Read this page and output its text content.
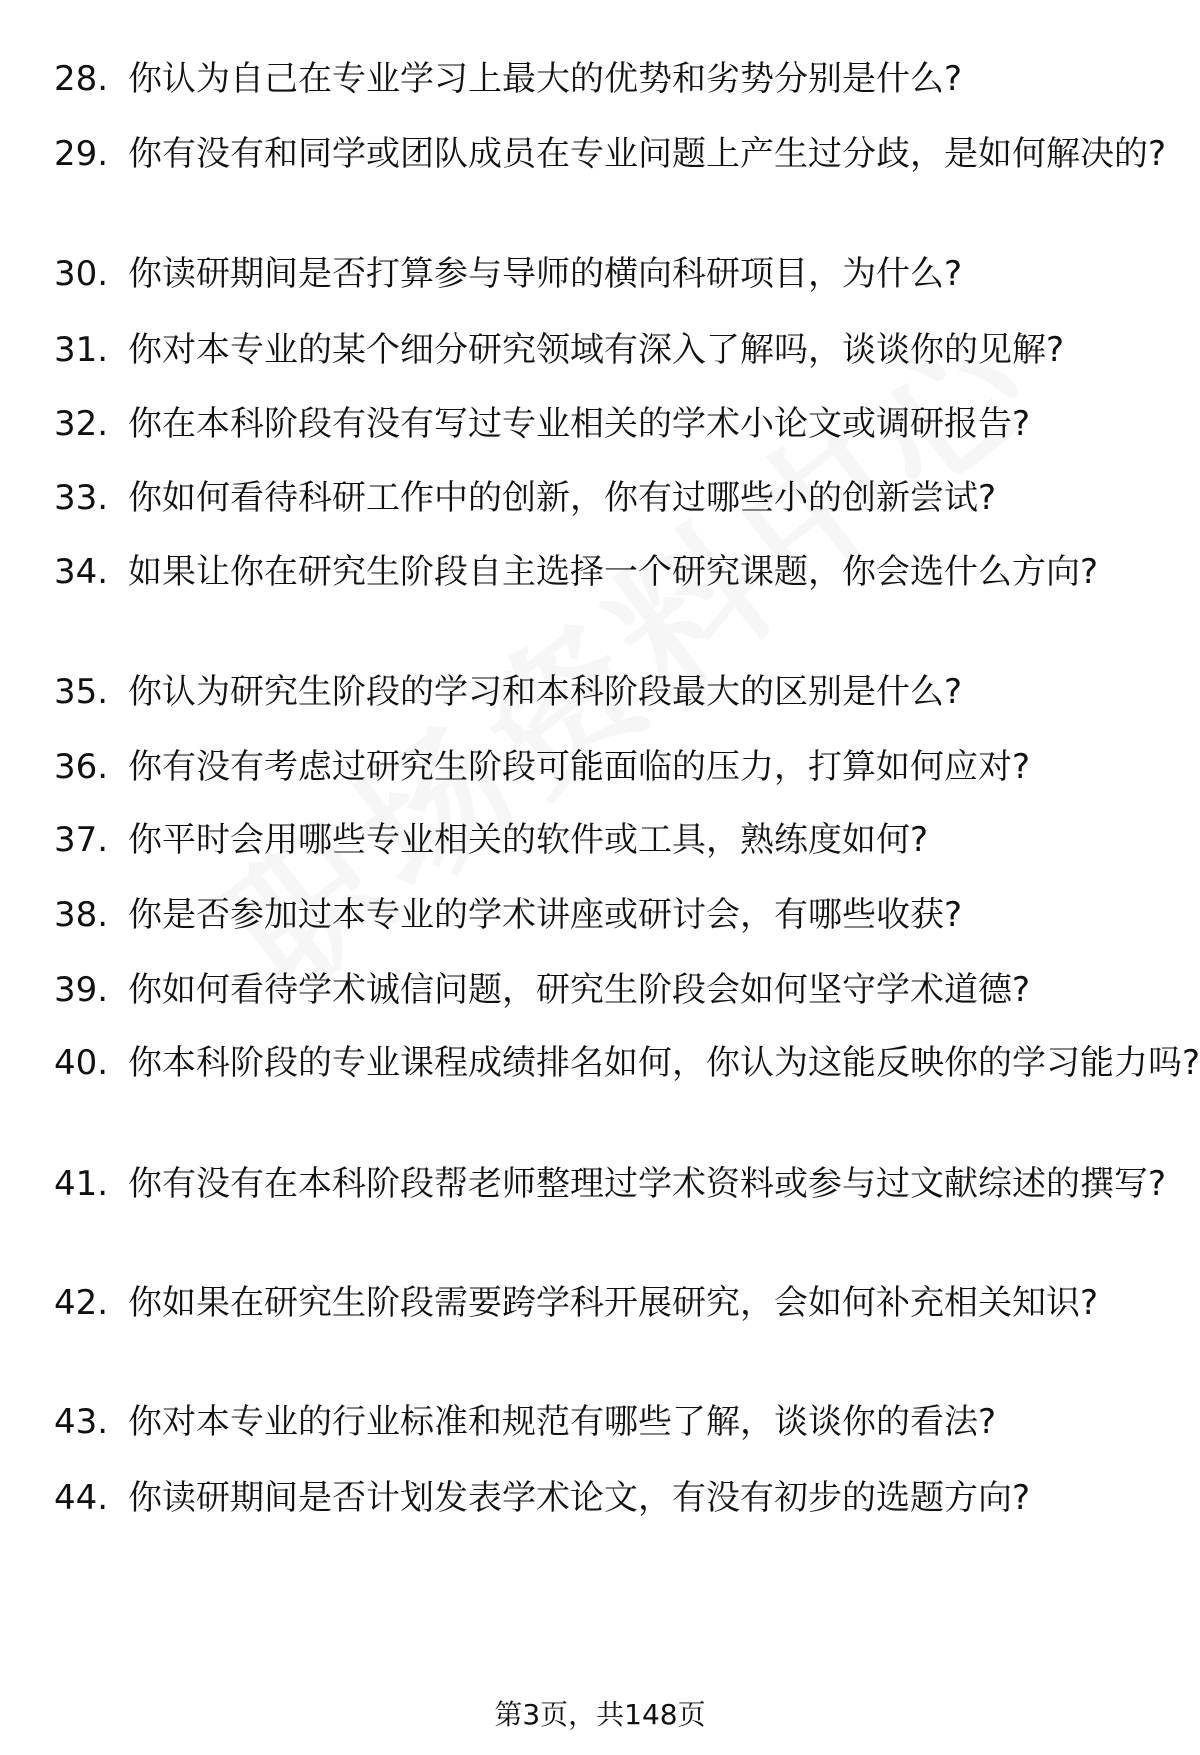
28. 你认为自己在专业学习上最大的优势和劣势分别是什么?
29. 你有没有和同学或团队成员在专业问题上产生过分歧，是如何解决的?
30. 你读研期间是否打算参与导师的横向科研项目，为什么?
31. 你对本专业的某个细分研究领域有深入了解吗，谈谈你的见解?
32. 你在本科阶段有没有写过专业相关的学术小论文或调研报告?
33. 你如何看待科研工作中的创新，你有过哪些小的创新尝试?
34. 如果让你在研究生阶段自主选择一个研究课题，你会选什么方向?
35. 你认为研究生阶段的学习和本科阶段最大的区别是什么?
36. 你有没有考虑过研究生阶段可能面临的压力，打算如何应对?
37. 你平时会用哪些专业相关的软件或工具，熟练度如何?
38. 你是否参加过本专业的学术讲座或研讨会，有哪些收获?
39. 你如何看待学术诚信问题，研究生阶段会如何坚守学术道德?
40. 你本科阶段的专业课程成绩排名如何，你认为这能反映你的学习能力吗?
41. 你有没有在本科阶段帮老师整理过学术资料或参与过文献综述的撰写?
42. 你如果在研究生阶段需要跨学科开展研究，会如何补充相关知识?
43. 你对本专业的行业标准和规范有哪些了解，谈谈你的看法?
44. 你读研期间是否计划发表学术论文，有没有初步的选题方向?
第3页，共148页
